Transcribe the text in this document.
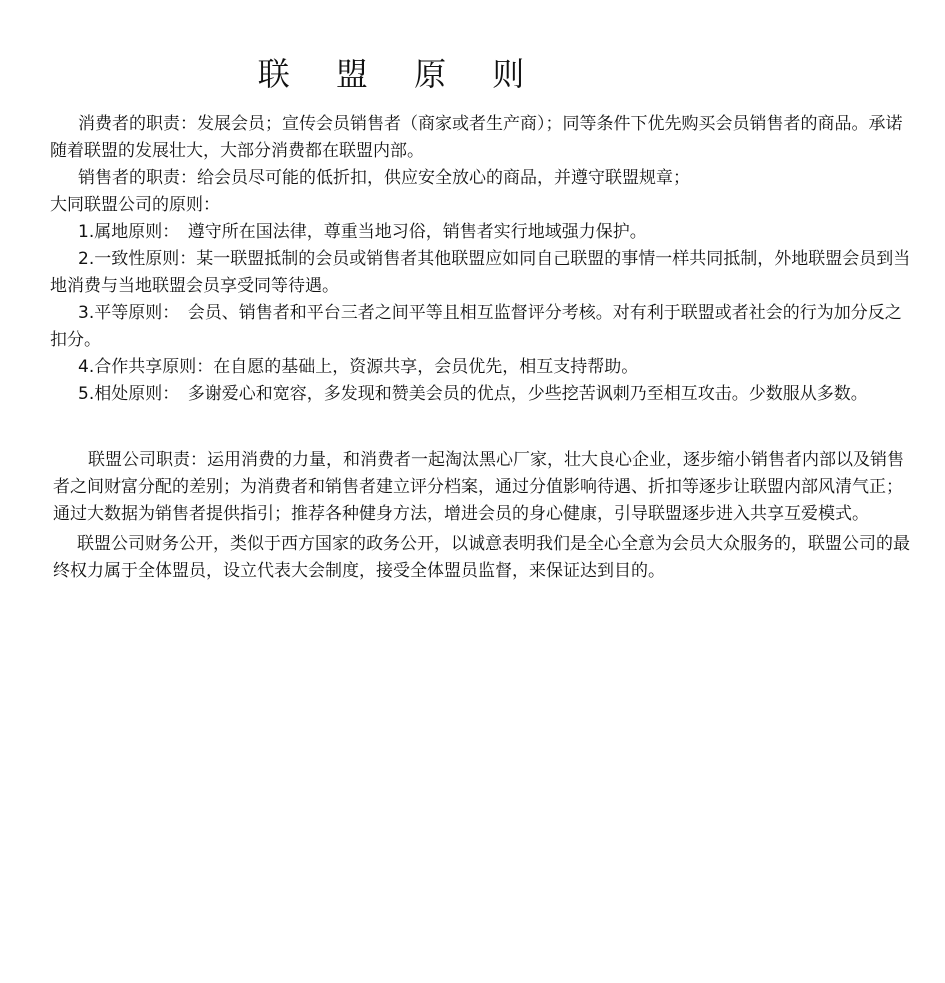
联 盟 原 则

消费者的职责：发展会员；宣传会员销售者（商家或者生产商）；同等条件下优先购买会员销售者的商品。承诺随着联盟的发展壮大，大部分消费都在联盟内部。

销售者的职责：给会员尽可能的低折扣，供应安全放心的商品，并遵守联盟规章；

大同联盟公司的原则：

1.属地原则：　遵守所在国法律，尊重当地习俗，销售者实行地域强力保护。

2.一致性原则：某一联盟抵制的会员或销售者其他联盟应如同自己联盟的事情一样共同抵制，外地联盟会员到当地消费与当地联盟会员享受同等待遇。

3.平等原则：　会员、销售者和平台三者之间平等且相互监督评分考核。对有利于联盟或者社会的行为加分反之扣分。

4.合作共享原则：在自愿的基础上，资源共享，会员优先，相互支持帮助。

5.相处原则：　多谢爱心和宽容，多发现和赞美会员的优点，少些挖苦讽刺乃至相互攻击。少数服从多数。

联盟公司职责：运用消费的力量，和消费者一起淘汰黑心厂家，壮大良心企业，逐步缩小销售者内部以及销售者之间财富分配的差别；为消费者和销售者建立评分档案，通过分值影响待遇、折扣等逐步让联盟内部风清气正；通过大数据为销售者提供指引；推荐各种健身方法，增进会员的身心健康，引导联盟逐步进入共享互爱模式。

联盟公司财务公开，类似于西方国家的政务公开，以诚意表明我们是全心全意为会员大众服务的，联盟公司的最终权力属于全体盟员，设立代表大会制度，接受全体盟员监督，来保证达到目的。
